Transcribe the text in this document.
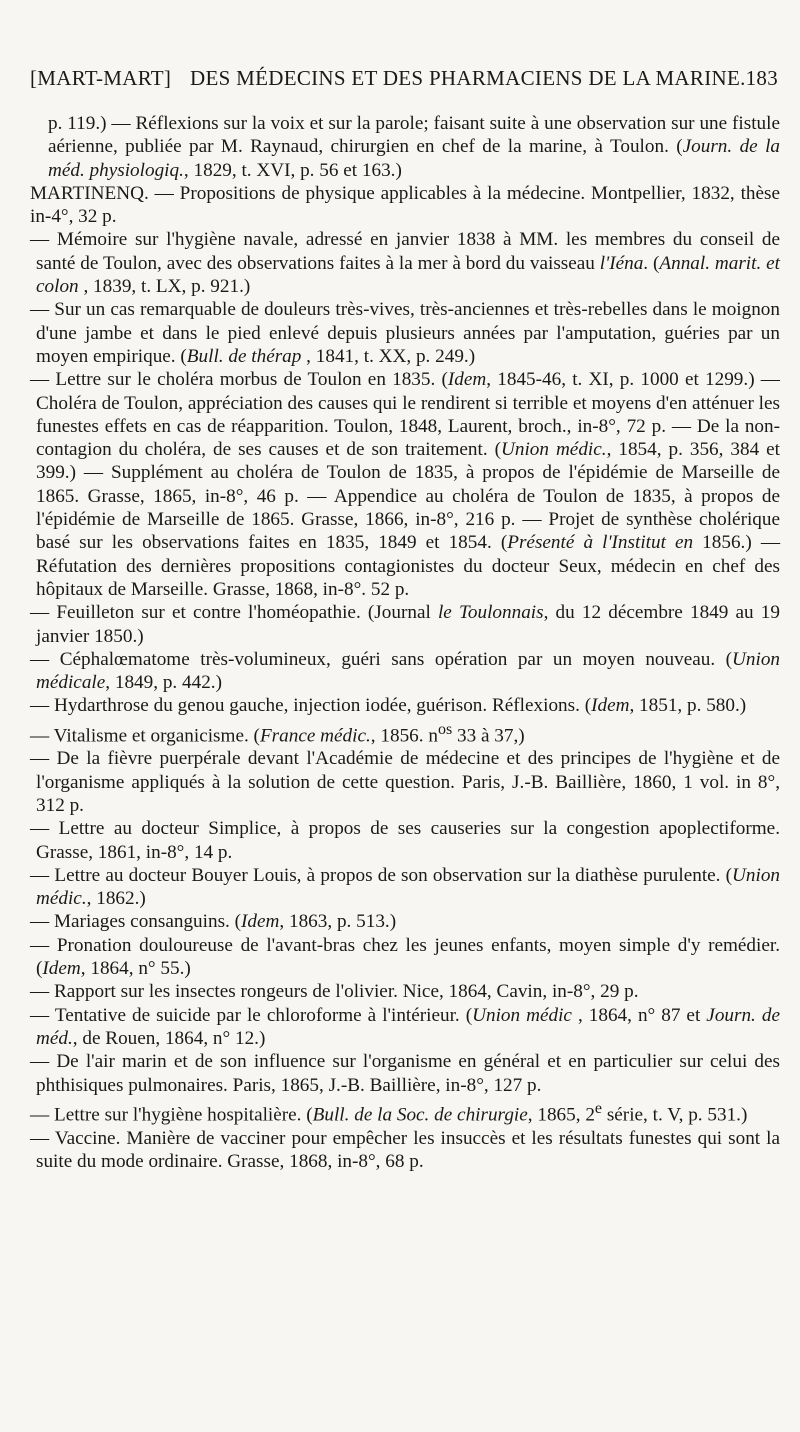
[MART-MART] DES MÉDECINS ET DES PHARMACIENS DE LA MARINE. 183

p. 119.) — Réflexions sur la voix et sur la parole; faisant suite à une observation sur une fistule aérienne, publiée par M. Raynaud, chirurgien en chef de la marine, à Toulon. (Journ. de la méd. physiologiq., 1829, t. XVI, p. 56 et 163.)

MARTINENQ. — Propositions de physique applicables à la médecine. Montpellier, 1832, thèse in-4°, 32 p.

— Mémoire sur l'hygiène navale, adressé en janvier 1838 à MM. les membres du conseil de santé de Toulon, avec des observations faites à la mer à bord du vaisseau l'Iéna. (Annal. marit. et colon , 1839, t. LX, p. 921.)

— Sur un cas remarquable de douleurs très-vives, très-anciennes et très-rebelles dans le moignon d'une jambe et dans le pied enlevé depuis plusieurs années par l'amputation, guéries par un moyen empirique. (Bull. de thérap , 1841, t. XX, p. 249.)

— Lettre sur le choléra morbus de Toulon en 1835. (Idem, 1845-46, t. XI, p. 1000 et 1299.) — Choléra de Toulon, appréciation des causes qui le rendirent si terrible et moyens d'en atténuer les funestes effets en cas de réapparition. Toulon, 1848, Laurent, broch., in-8°, 72 p. — De la non-contagion du choléra, de ses causes et de son traitement. (Union médic., 1854, p. 356, 384 et 399.) — Supplément au choléra de Toulon de 1835, à propos de l'épidémie de Marseille de 1865. Grasse, 1865, in-8°, 46 p. — Appendice au choléra de Toulon de 1835, à propos de l'épidémie de Marseille de 1865. Grasse, 1866, in-8°, 216 p. — Projet de synthèse cholérique basé sur les observations faites en 1835, 1849 et 1854. (Présenté à l'Institut en 1856.) — Réfutation des dernières propositions contagionistes du docteur Seux, médecin en chef des hôpitaux de Marseille. Grasse, 1868, in-8°. 52 p.

— Feuilleton sur et contre l'homéopathie. (Journal le Toulonnais, du 12 décembre 1849 au 19 janvier 1850.)

— Céphalœmatome très-volumineux, guéri sans opération par un moyen nouveau. (Union médicale, 1849, p. 442.)

— Hydarthrose du genou gauche, injection iodée, guérison. Réflexions. (Idem, 1851, p. 580.)

— Vitalisme et organicisme. (France médic., 1856. $n^{os}$ 33 à 37,)

— De la fièvre puerpérale devant l'Académie de médecine et des principes de l'hygiène et de l'organisme appliqués à la solution de cette question. Paris, J.-B. Baillière, 1860, 1 vol. in 8°, 312 p.

— Lettre au docteur Simplice, à propos de ses causeries sur la congestion apoplectiforme. Grasse, 1861, in-8°, 14 p.

— Lettre au docteur Bouyer Louis, à propos de son observation sur la diathèse purulente. (Union médic., 1862.)

— Mariages consanguins. (Idem, 1863, p. 513.)

— Pronation douloureuse de l'avant-bras chez les jeunes enfants, moyen simple d'y remédier. (Idem, 1864, n° 55.)

— Rapport sur les insectes rongeurs de l'olivier. Nice, 1864, Cavin, in-8°, 29 p.

— Tentative de suicide par le chloroforme à l'intérieur. (Union médic , 1864, n° 87 et Journ. de méd., de Rouen, 1864, n° 12.)

— De l'air marin et de son influence sur l'organisme en général et en particulier sur celui des phthisiques pulmonaires. Paris, 1865, J.-B. Baillière, in-8°, 127 p.

— Lettre sur l'hygiène hospitalière. (Bull. de la Soc. de chirurgie, 1865, 2e série, t. V, p. 531.)

— Vaccine. Manière de vacciner pour empêcher les insuccès et les résultats funestes qui sont la suite du mode ordinaire. Grasse, 1868, in-8°, 68 p.
